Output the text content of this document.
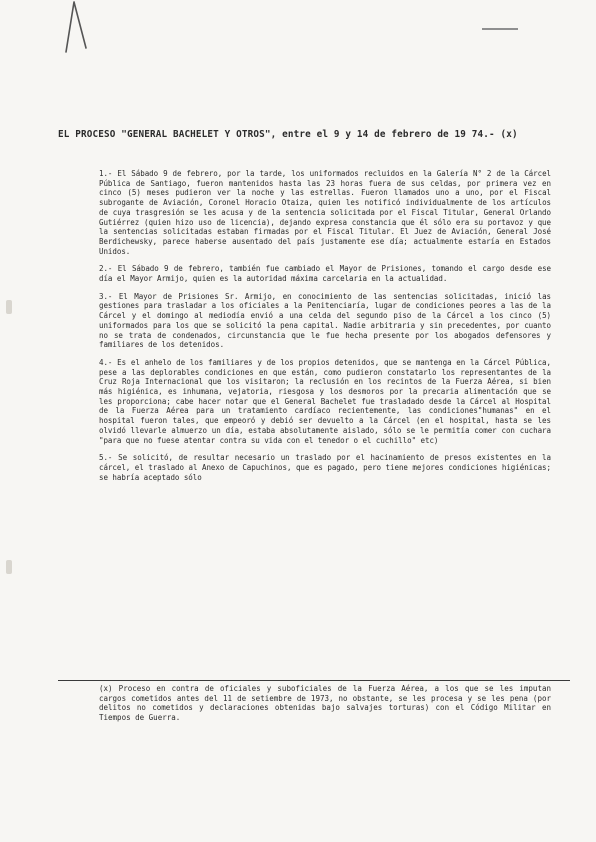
EL PROCESO "GENERAL BACHELET Y OTROS", entre el 9 y 14 de febrero de 19 74.- (x)

1.- El Sábado 9 de febrero, por la tarde, los uniformados recluidos en la Galería N° 2 de la Cárcel Pública de Santiago, fueron mantenidos hasta las 23 horas fuera de sus celdas, por primera vez en cinco (5) meses pudieron ver la noche y las estrellas. Fueron llamados uno a uno, por el Fiscal subrogante de Aviación, Coronel Horacio Otaiza, quien les notificó individualmente de los artículos de cuya trasgresión se les acusa y de la sentencia solicitada por el Fiscal Titular, General Orlando Gutiérrez (quien hizo uso de licencia), dejando expresa constancia que él sólo era su portavoz y que la sentencias solicitadas estaban firmadas por el Fiscal Titular. El Juez de Aviación, General José Berdichewsky, parece haberse ausentado del país justamente ese día; actualmente estaría en Estados Unidos.

2.- El Sábado 9 de febrero, también fue cambiado el Mayor de Prisiones, tomando el cargo desde ese día el Mayor Armijo, quien es la autoridad máxima carcelaria en la actualidad.

3.- El Mayor de Prisiones Sr. Armijo, en conocimiento de las sentencias solicitadas, inició las gestiones para trasladar a los oficiales a la Penitenciaría, lugar de condiciones peores a las de la Cárcel y el domingo al mediodía envió a una celda del segundo piso de la Cárcel a los cinco (5) uniformados para los que se solicitó la pena capital. Nadie arbitraria y sin precedentes, por cuanto no se trata de condenados, circunstancia que le fue hecha presente por los abogados defensores y familiares de los detenidos.

4.- Es el anhelo de los familiares y de los propios detenidos, que se mantenga en la Cárcel Pública, pese a las deplorables condiciones en que están, como pudieron constatarlo los representantes de la Cruz Roja Internacional que los visitaron; la reclusión en los recintos de la Fuerza Aérea, si bien más higiénica, es inhumana, vejatoria, riesgosa y los desmoros por la precaria alimentación que se les proporciona; cabe hacer notar que el General Bachelet fue trasladado desde la Cárcel al Hospital de la Fuerza Aérea para un tratamiento cardíaco recientemente, las condiciones"humanas" en el hospital fueron tales, que empeoró y debió ser devuelto a la Cárcel (en el hospital, hasta se les olvidó llevarle almuerzo un día, estaba absolutamente aislado, sólo se le permitía comer con cuchara "para que no fuese atentar contra su vida con el tenedor o el cuchillo" etc)

5.- Se solicitó, de resultar necesario un traslado por el hacinamiento de presos existentes en la cárcel, el traslado al Anexo de Capuchinos, que es pagado, pero tiene mejores condiciones higiénicas; se habría aceptado sólo

(x) Proceso en contra de oficiales y suboficiales de la Fuerza Aérea, a los que se les imputan cargos cometidos antes del 11 de setiembre de 1973, no obstante, se les procesa y se les pena (por delitos no cometidos y declaraciones obtenidas bajo salvajes torturas) con el Código Militar en Tiempos de Guerra.
